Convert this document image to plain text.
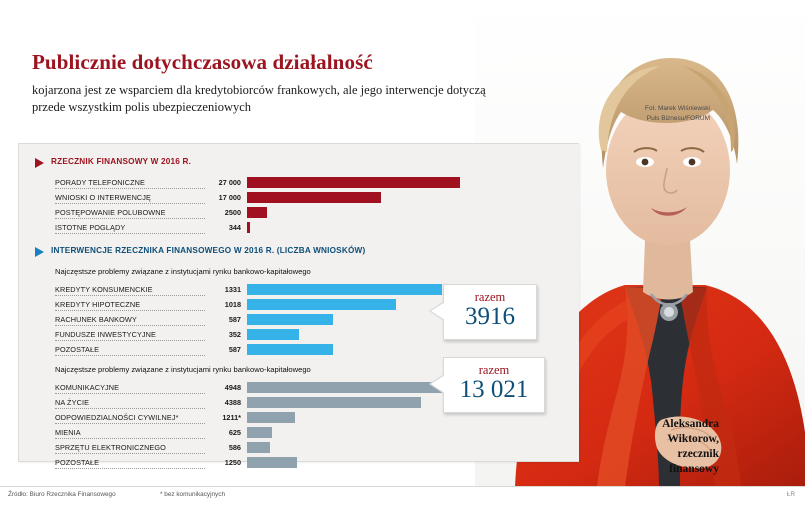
Publicznie dotychczasowa działalność
kojarzona jest ze wsparciem dla kredytobiorców frankowych, ale jego interwencje dotyczą przede wszystkim polis ubezpieczeniowych	Fot. Marek Wiśniewski
Puls Biznesu/FORUM
RZECZNIK FINANSOWY W 2016 R.
PORADY TELEFONICZNE	27 000
WNIOSKI O INTERWENCJĘ	17 000
POSTĘPOWANIE POLUBOWNE	2500
ISTOTNE POGLĄDY	344
INTERWENCJE RZECZNIKA FINANSOWEGO W 2016 R. (LICZBA WNIOSKÓW)
Najczęstsze problemy związane z instytucjami rynku bankowo-kapitałowego
KREDYTY KONSUMENCKIE	1331
KREDYTY HIPOTECZNE	1018
RACHUNEK BANKOWY	587
FUNDUSZE INWESTYCYJNE	352
POZOSTAŁE	587
Najczęstsze problemy związane z instytucjami rynku bankowo-kapitałowego
KOMUNIKACYJNE	4948
NA ŻYCIE	4388
ODPOWIEDZIALNOŚCI CYWILNEJ*	1211*
MIENIA	625
SPRZĘTU ELEKTRONICZNEGO	586
POZOSTAŁE	1250
razem
3916
razem
13 021
Aleksandra
Wiktorow,
rzecznik
finansowy
Źródło: Biuro Rzecznika Finansowego	* bez komunikacyjnych	ŁR
